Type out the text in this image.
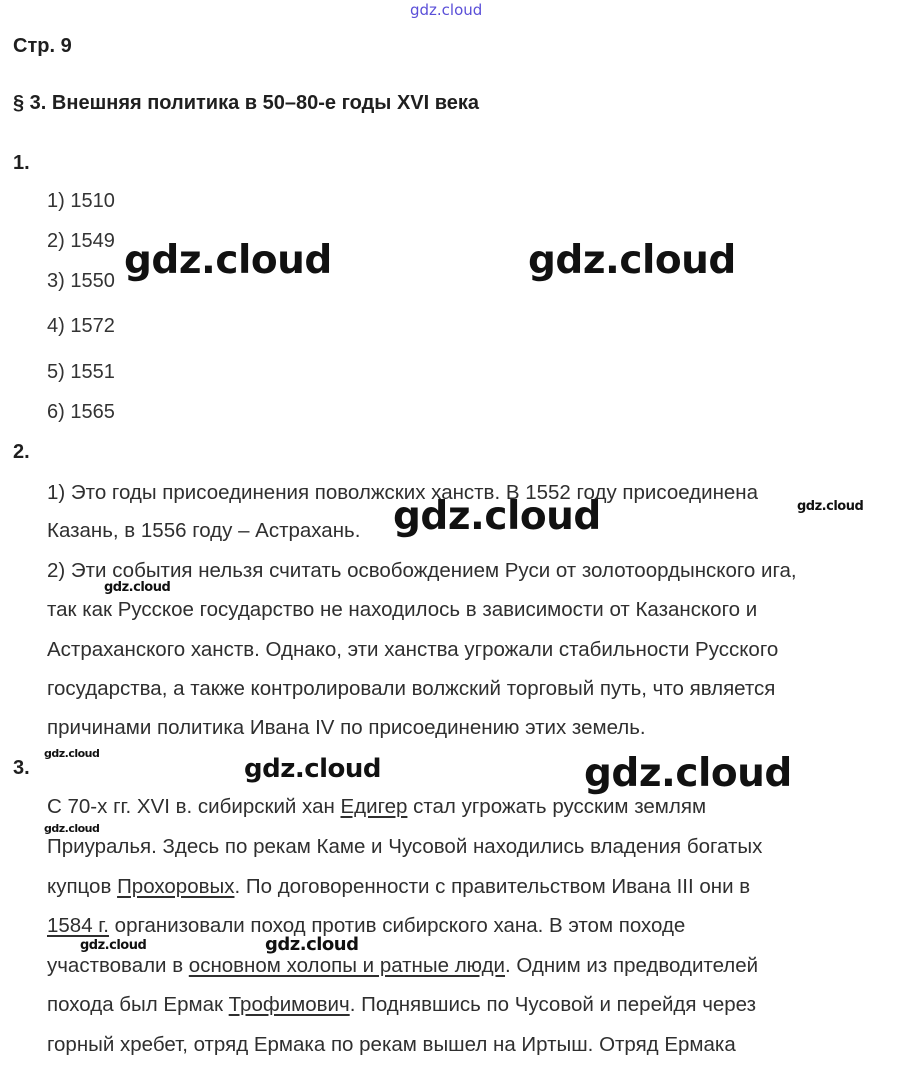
gdz.cloud
Стр. 9
§ 3. Внешняя политика в 50–80-е годы XVI века
1.
1) 1510
2) 1549
3) 1550
4) 1572
5) 1551
6) 1565
gdz.cloud	gdz.cloud
2.
1) Это годы присоединения поволжских ханств. В 1552 году присоединена
Казань, в 1556 году – Астрахань.
2) Эти события нельзя считать освобождением Руси от золотоордынского ига,
так как Русское государство не находилось в зависимости от Казанского и
Астраханского ханств. Однако, эти ханства угрожали стабильности Русского
государства, а также контролировали волжский торговый путь, что является
причинами политика Ивана IV по присоединению этих земель.
gdz.cloud	gdz.cloud
gdz.cloud
gdz.cloud
3.	gdz.cloud	gdz.cloud
С 70-х гг. XVI в. сибирский хан Едигер стал угрожать русским землям
gdz.cloud
Приуралья. Здесь по рекам Каме и Чусовой находились владения богатых
купцов Прохоровых. По договоренности с правительством Ивана III они в
1584 г. организовали поход против сибирского хана. В этом походе
gdz.cloud	gdz.cloud
участвовали в основном холопы и ратные люди. Одним из предводителей
похода был Ермак Трофимович. Поднявшись по Чусовой и перейдя через
горный хребет, отряд Ермака по рекам вышел на Иртыш. Отряд Ермака
